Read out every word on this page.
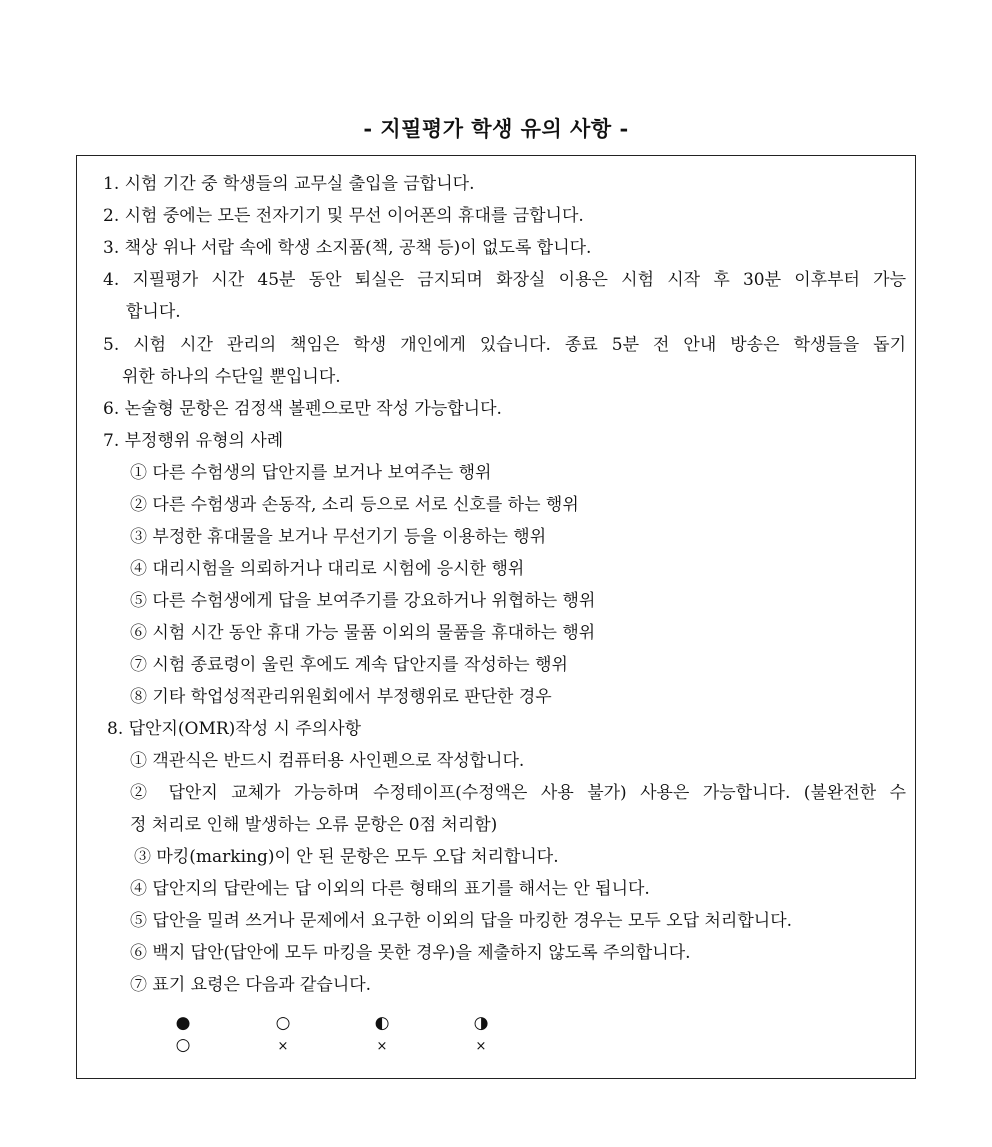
- 지필평가 학생 유의 사항 -
1. 시험 기간 중 학생들의 교무실 출입을 금합니다.
2. 시험 중에는 모든 전자기기 및 무선 이어폰의 휴대를 금합니다.
3. 책상 위나 서랍 속에 학생 소지품(책, 공책 등)이 없도록 합니다.
4. 지필평가 시간 45분 동안 퇴실은 금지되며 화장실 이용은 시험 시작 후 30분 이후부터 가능
합니다.
5. 시험 시간 관리의 책임은 학생 개인에게 있습니다. 종료 5분 전 안내 방송은 학생들을 돕기
위한 하나의 수단일 뿐입니다.
6. 논술형 문항은 검정색 볼펜으로만 작성 가능합니다.
7. 부정행위 유형의 사례
① 다른 수험생의 답안지를 보거나 보여주는 행위
② 다른 수험생과 손동작, 소리 등으로 서로 신호를 하는 행위
③ 부정한 휴대물을 보거나 무선기기 등을 이용하는 행위
④ 대리시험을 의뢰하거나 대리로 시험에 응시한 행위
⑤ 다른 수험생에게 답을 보여주기를 강요하거나 위협하는 행위
⑥ 시험 시간 동안 휴대 가능 물품 이외의 물품을 휴대하는 행위
⑦ 시험 종료령이 울린 후에도 계속 답안지를 작성하는 행위
⑧ 기타 학업성적관리위원회에서 부정행위로 판단한 경우
8. 답안지(OMR)작성 시 주의사항
① 객관식은 반드시 컴퓨터용 사인펜으로 작성합니다.
② 답안지 교체가 가능하며 수정테이프(수정액은 사용 불가) 사용은 가능합니다. (불완전한 수
정 처리로 인해 발생하는 오류 문항은 0점 처리함)
③ 마킹(marking)이 안 된 문항은 모두 오답 처리합니다.
④ 답안지의 답란에는 답 이외의 다른 형태의 표기를 해서는 안 됩니다.
⑤ 답안을 밀려 쓰거나 문제에서 요구한 이외의 답을 마킹한 경우는 모두 오답 처리합니다.
⑥ 백지 답안(답안에 모두 마킹을 못한 경우)을 제출하지 않도록 주의합니다.
⑦ 표기 요령은 다음과 같습니다.
●
○
○
×
◐
×
◑
×
